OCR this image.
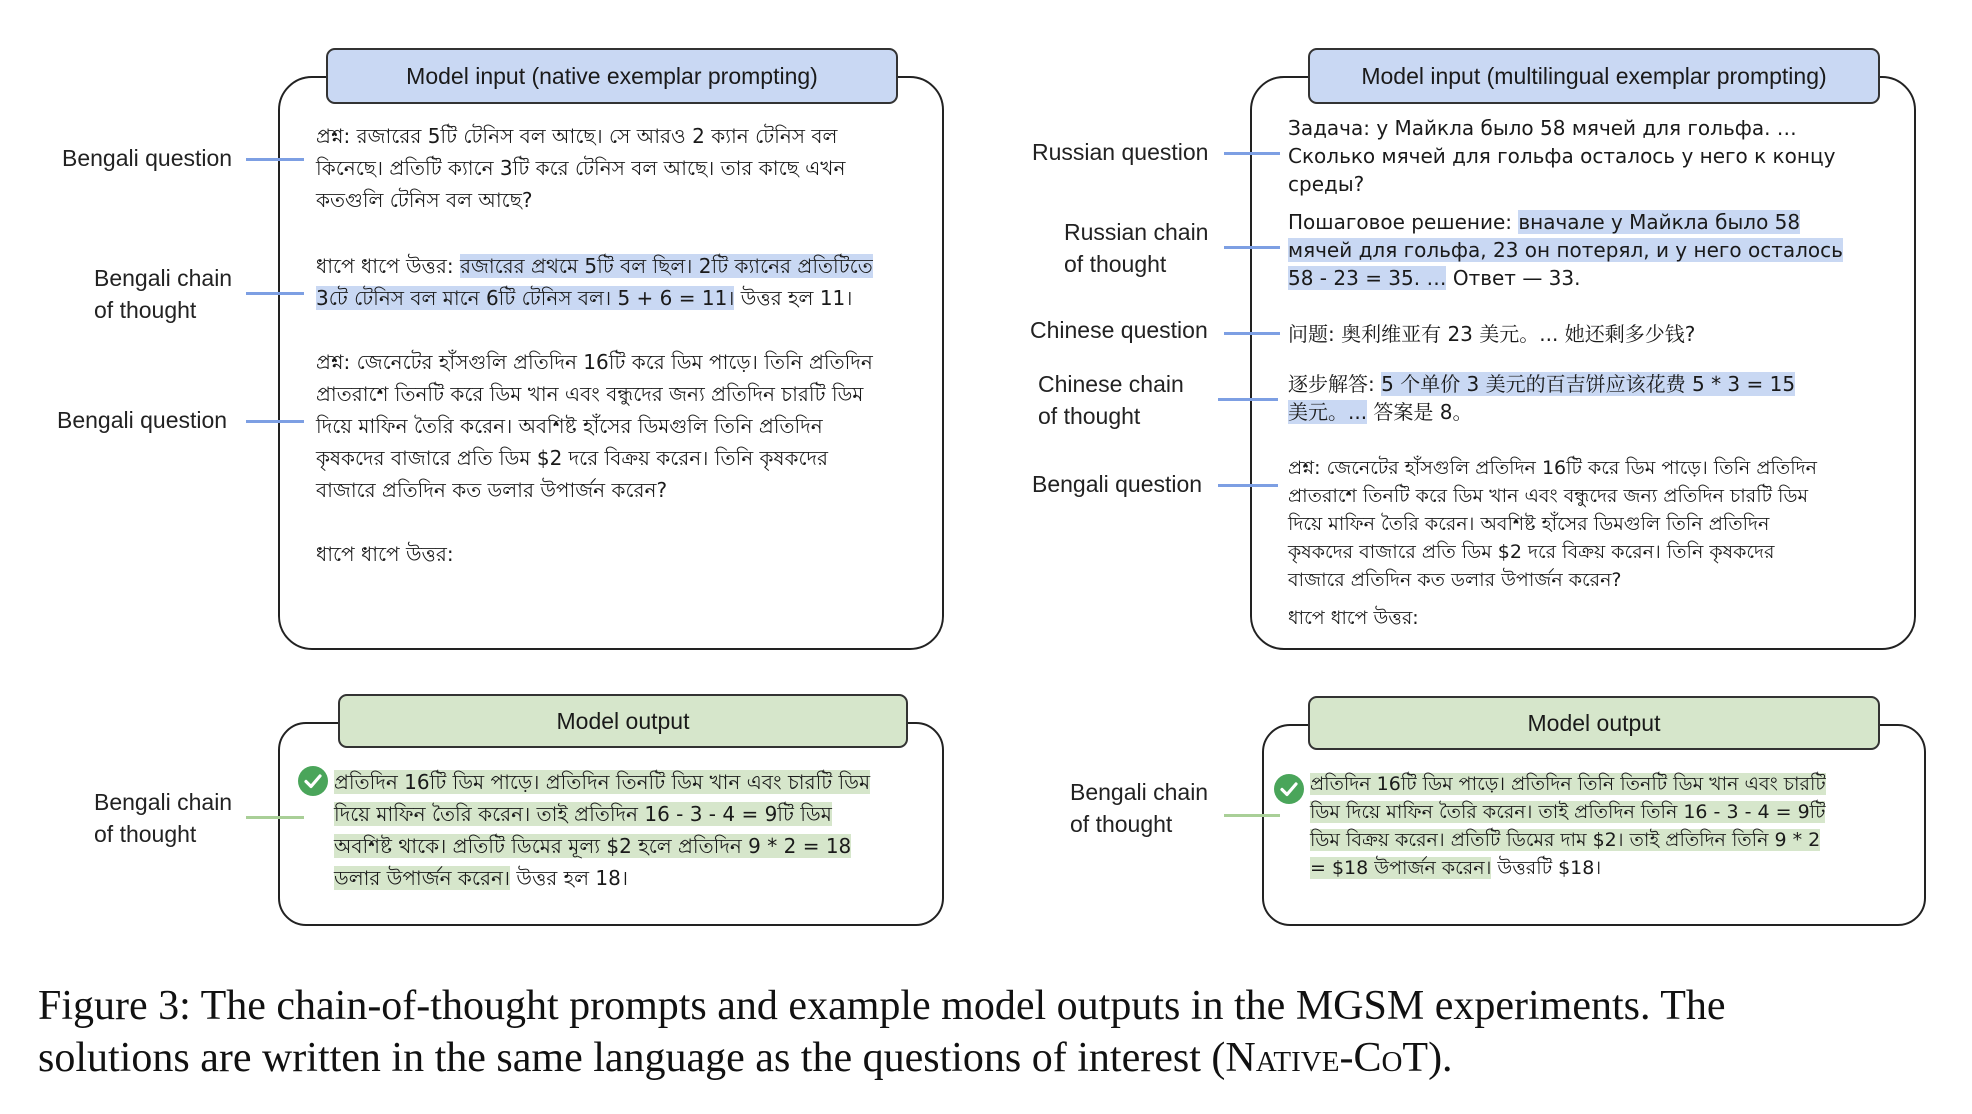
Model input (native exemplar prompting)
Bengali question
Bengali chain
of thought
Bengali question
প্রশ্ন: রজারের 5টি টেনিস বল আছে। সে আরও 2 ক্যান টেনিস বল
কিনেছে। প্রতিটি ক্যানে 3টি করে টেনিস বল আছে। তার কাছে এখন
কতগুলি টেনিস বল আছে?
ধাপে ধাপে উত্তর: রজারের প্রথমে 5টি বল ছিল। 2টি ক্যানের প্রতিটিতে
3টে টেনিস বল মানে 6টি টেনিস বল। 5 + 6 = 11। উত্তর হল 11।
প্রশ্ন: জেনেটের হাঁসগুলি প্রতিদিন 16টি করে ডিম পাড়ে। তিনি প্রতিদিন
প্রাতরাশে তিনটি করে ডিম খান এবং বন্ধুদের জন্য প্রতিদিন চারটি ডিম
দিয়ে মাফিন তৈরি করেন। অবশিষ্ট হাঁসের ডিমগুলি তিনি প্রতিদিন
কৃষকদের বাজারে প্রতি ডিম $2 দরে বিক্রয় করেন। তিনি কৃষকদের
বাজারে প্রতিদিন কত ডলার উপার্জন করেন?
ধাপে ধাপে উত্তর:
Model output
Bengali chain
of thought
প্রতিদিন 16টি ডিম পাড়ে। প্রতিদিন তিনটি ডিম খান এবং চারটি ডিম
দিয়ে মাফিন তৈরি করেন। তাই প্রতিদিন 16 - 3 - 4 = 9টি ডিম
অবশিষ্ট থাকে। প্রতিটি ডিমের মূল্য $2 হলে প্রতিদিন 9 * 2 = 18
ডলার উপার্জন করেন। উত্তর হল 18।
Model input (multilingual exemplar prompting)
Russian question
Russian chain
of thought
Chinese question
Chinese chain
of thought
Bengali question
Задача: у Майкла было 58 мячей для гольфа. …
Сколько мячей для гольфа осталось у него к концу
среды?
Пошаговое решение: вначале у Майкла было 58
мячей для гольфа, 23 он потерял, и у него осталось
58 - 23 = 35. … Ответ — 33.
问题: 奥利维亚有 23 美元。... 她还剩多少钱?
逐步解答: 5 个单价 3 美元的百吉饼应该花费 5 * 3 = 15
美元。... 答案是 8。
প্রশ্ন: জেনেটের হাঁসগুলি প্রতিদিন 16টি করে ডিম পাড়ে। তিনি প্রতিদিন
প্রাতরাশে তিনটি করে ডিম খান এবং বন্ধুদের জন্য প্রতিদিন চারটি ডিম
দিয়ে মাফিন তৈরি করেন। অবশিষ্ট হাঁসের ডিমগুলি তিনি প্রতিদিন
কৃষকদের বাজারে প্রতি ডিম $2 দরে বিক্রয় করেন। তিনি কৃষকদের
বাজারে প্রতিদিন কত ডলার উপার্জন করেন?
ধাপে ধাপে উত্তর:
Model output
Bengali chain
of thought
প্রতিদিন 16টি ডিম পাড়ে। প্রতিদিন তিনি তিনটি ডিম খান এবং চারটি
ডিম দিয়ে মাফিন তৈরি করেন। তাই প্রতিদিন তিনি 16 - 3 - 4 = 9টি
ডিম বিক্রয় করেন। প্রতিটি ডিমের দাম $2। তাই প্রতিদিন তিনি 9 * 2
= $18 উপার্জন করেন। উত্তরটি $18।
Figure 3: The chain-of-thought prompts and example model outputs in the MGSM experiments. The
solutions are written in the same language as the questions of interest (Native-CoT).
